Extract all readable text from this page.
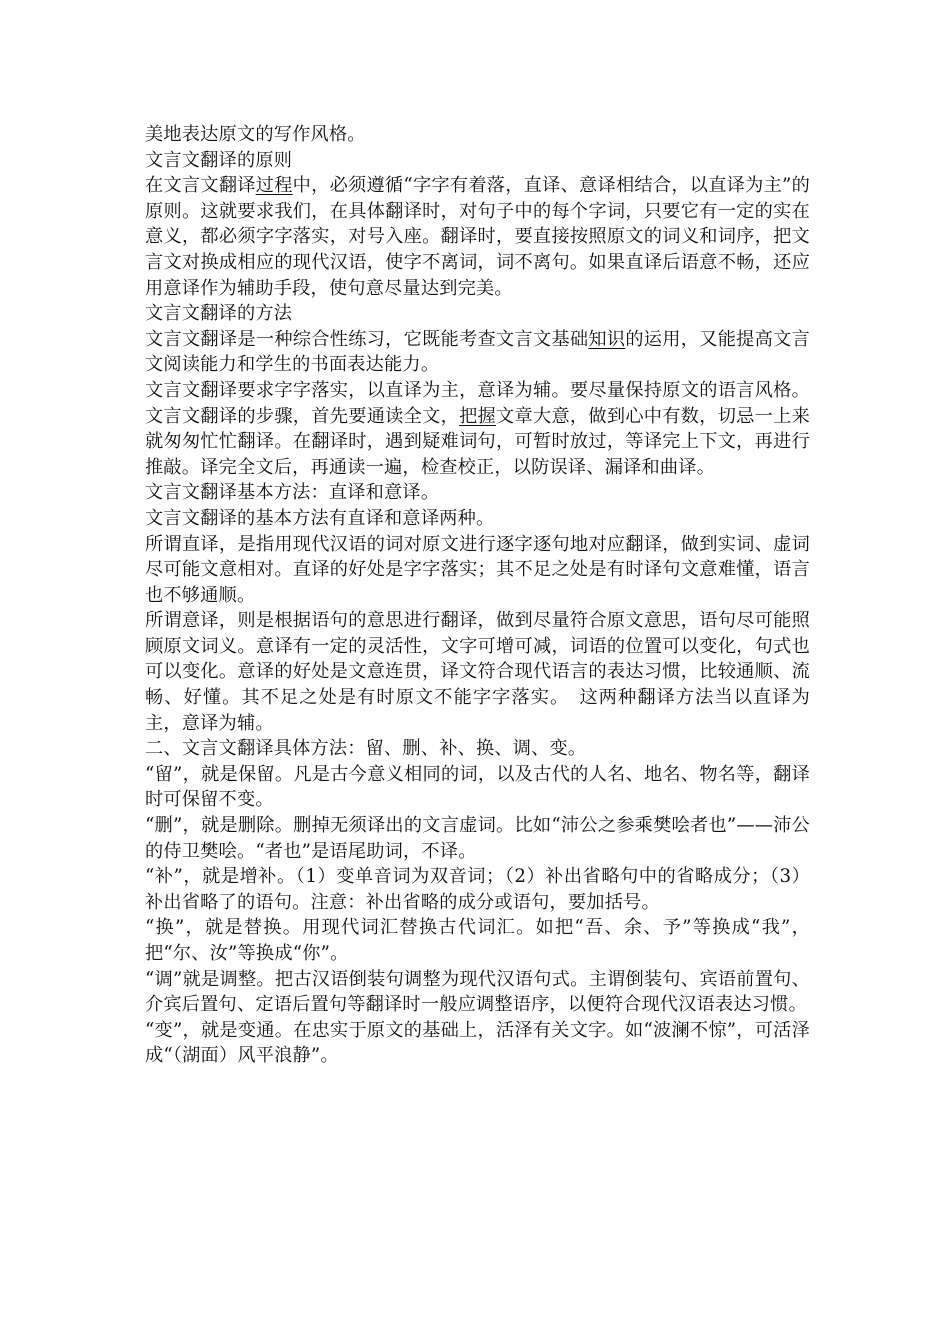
美地表达原文的写作风格。

文言文翻译的原则

在文言文翻译过程中，必须遵循“字字有着落，直译、意译相结合，以直译为主”的原则。这就要求我们，在具体翻译时，对句子中的每个字词，只要它有一定的实在意义，都必须字字落实，对号入座。翻译时，要直接按照原文的词义和词序，把文言文对换成相应的现代汉语，使字不离词，词不离句。如果直译后语意不畅，还应用意译作为辅助手段，使句意尽量达到完美。

文言文翻译的方法

文言文翻译是一种综合性练习，它既能考查文言文基础知识的运用，又能提高文言文阅读能力和学生的书面表达能力。

文言文翻译要求字字落实，以直译为主，意译为辅。要尽量保持原文的语言风格。文言文翻译的步骤，首先要通读全文，把握文章大意，做到心中有数，切忌一上来就匆匆忙忙翻译。在翻译时，遇到疑难词句，可暂时放过，等译完上下文，再进行推敲。译完全文后，再通读一遍，检查校正，以防误译、漏译和曲译。

文言文翻译基本方法：直译和意译。

文言文翻译的基本方法有直译和意译两种。

所谓直译，是指用现代汉语的词对原文进行逐字逐句地对应翻译，做到实词、虚词尽可能文意相对。直译的好处是字字落实；其不足之处是有时译句文意难懂，语言也不够通顺。

所谓意译，则是根据语句的意思进行翻译，做到尽量符合原文意思，语句尽可能照顾原文词义。意译有一定的灵活性，文字可增可减，词语的位置可以变化，句式也可以变化。意译的好处是文意连贯，译文符合现代语言的表达习惯，比较通顺、流畅、好懂。其不足之处是有时原文不能字字落实。　这两种翻译方法当以直译为主，意译为辅。

二、文言文翻译具体方法：留、删、补、换、调、变。

“留”，就是保留。凡是古今意义相同的词，以及古代的人名、地名、物名等，翻译时可保留不变。

“删”，就是删除。删掉无须译出的文言虚词。比如“沛公之参乘樊哙者也”——沛公的侍卫樊哙。“者也”是语尾助词，不译。

“补”，就是增补。（1）变单音词为双音词；（2）补出省略句中的省略成分；（3）补出省略了的语句。注意：补出省略的成分或语句，要加括号。

“换”，就是替换。用现代词汇替换古代词汇。如把“吾、余、予”等换成“我”，把“尔、汝”等换成“你”。

“调”就是调整。把古汉语倒装句调整为现代汉语句式。主谓倒装句、宾语前置句、介宾后置句、定语后置句等翻译时一般应调整语序，以便符合现代汉语表达习惯。

“变”，就是变通。在忠实于原文的基础上，活泽有关文字。如“波澜不惊”，可活泽成“（湖面）风平浪静”。
